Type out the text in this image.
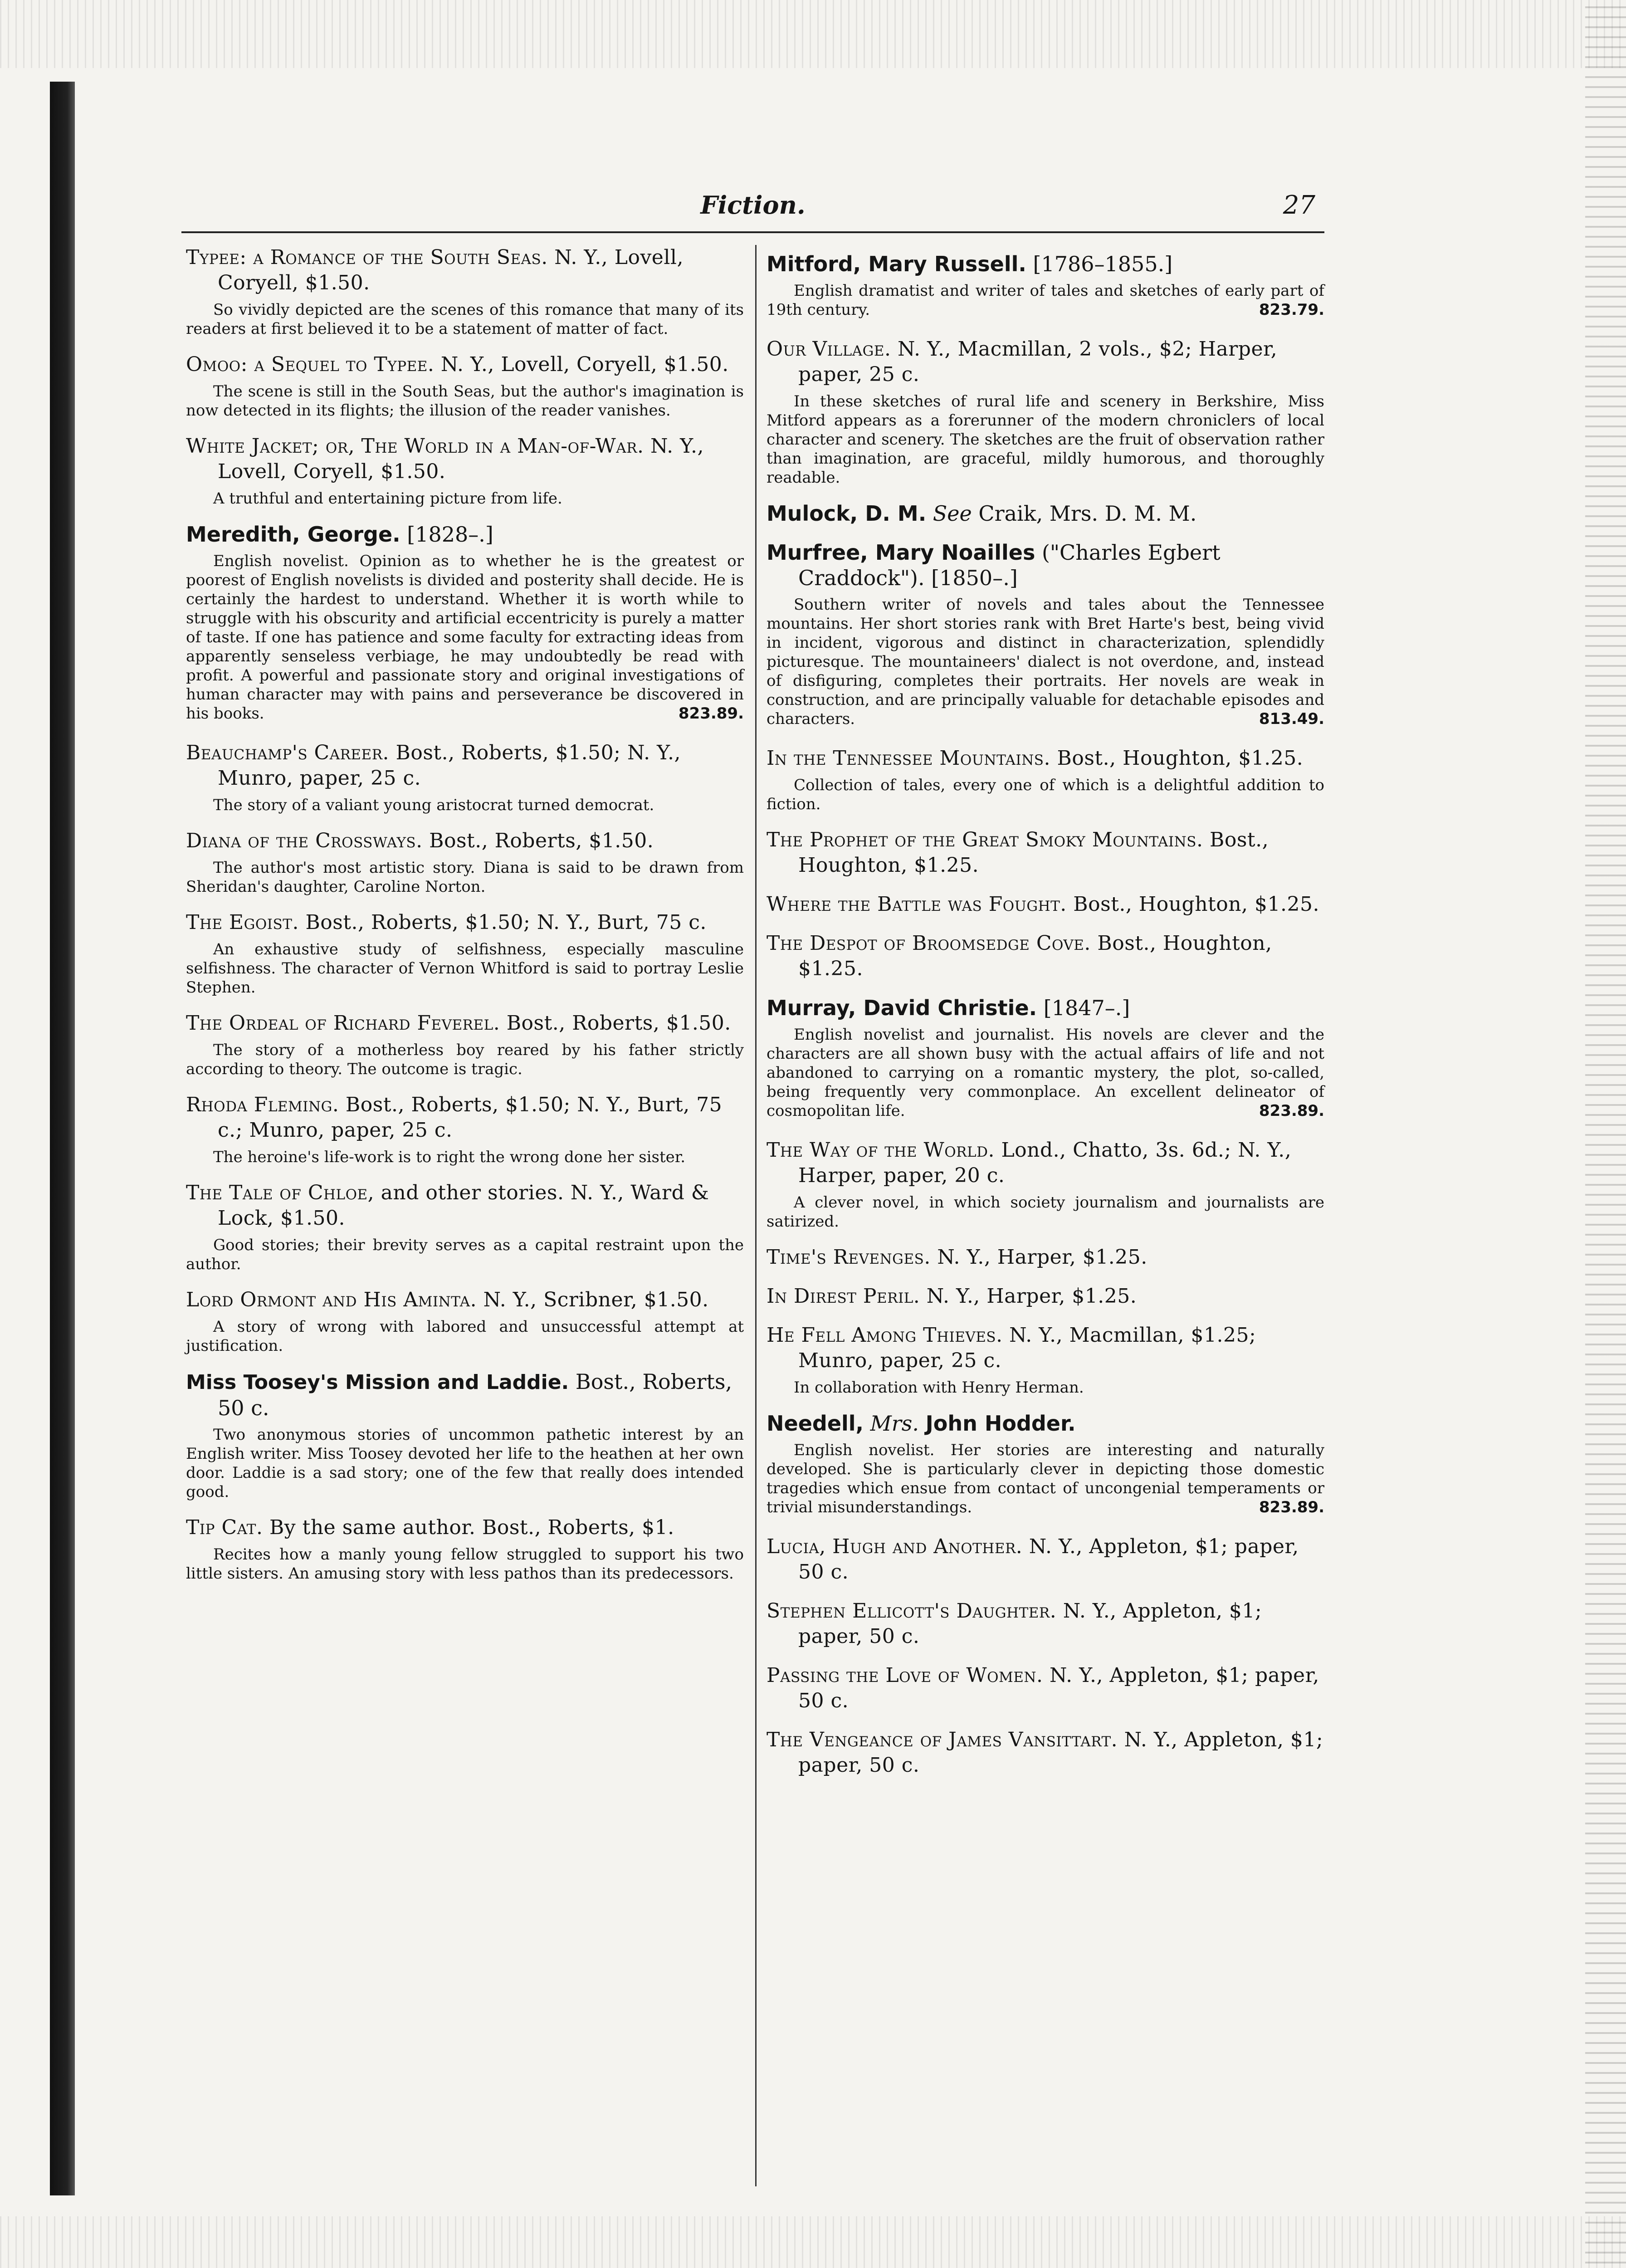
Fiction.	27
Typee: a Romance of the South Seas. N. Y., Lovell, Coryell, $1.50.

So vividly depicted are the scenes of this romance that many of its readers at first believed it to be a statement of matter of fact.

Omoo: a Sequel to Typee. N. Y., Lovell, Coryell, $1.50.

The scene is still in the South Seas, but the author's imagination is now detected in its flights; the illusion of the reader vanishes.

White Jacket; or, The World in a Man-of-War. N. Y., Lovell, Coryell, $1.50.

A truthful and entertaining picture from life.

Meredith, George. [1828–.]

English novelist. Opinion as to whether he is the greatest or poorest of English novelists is divided and posterity shall decide. He is certainly the hardest to understand. Whether it is worth while to struggle with his obscurity and artificial eccentricity is purely a matter of taste. If one has patience and some faculty for extracting ideas from apparently senseless verbiage, he may undoubtedly be read with profit. A powerful and passionate story and original investigations of human character may with pains and perseverance be discovered in his books.	823.89.

Beauchamp's Career. Bost., Roberts, $1.50; N. Y., Munro, paper, 25 c.

The story of a valiant young aristocrat turned democrat.

Diana of the Crossways. Bost., Roberts, $1.50.

The author's most artistic story. Diana is said to be drawn from Sheridan's daughter, Caroline Norton.

The Egoist. Bost., Roberts, $1.50; N. Y., Burt, 75 c.

An exhaustive study of selfishness, especially masculine selfishness. The character of Vernon Whitford is said to portray Leslie Stephen.

The Ordeal of Richard Feverel. Bost., Roberts, $1.50.

The story of a motherless boy reared by his father strictly according to theory. The outcome is tragic.

Rhoda Fleming. Bost., Roberts, $1.50; N. Y., Burt, 75 c.; Munro, paper, 25 c.

The heroine's life-work is to right the wrong done her sister.

The Tale of Chloe, and other stories. N. Y., Ward & Lock, $1.50.

Good stories; their brevity serves as a capital restraint upon the author.

Lord Ormont and His Aminta. N. Y., Scribner, $1.50.

A story of wrong with labored and unsuccessful attempt at justification.

Miss Toosey's Mission and Laddie. Bost., Roberts, 50 c.

Two anonymous stories of uncommon pathetic interest by an English writer. Miss Toosey devoted her life to the heathen at her own door. Laddie is a sad story; one of the few that really does intended good.

Tip Cat. By the same author. Bost., Roberts, $1.

Recites how a manly young fellow struggled to support his two little sisters. An amusing story with less pathos than its predecessors.

Mitford, Mary Russell. [1786–1855.]

English dramatist and writer of tales and sketches of early part of 19th century.	823.79.

Our Village. N. Y., Macmillan, 2 vols., $2; Harper, paper, 25 c.

In these sketches of rural life and scenery in Berkshire, Miss Mitford appears as a forerunner of the modern chroniclers of local character and scenery. The sketches are the fruit of observation rather than imagination, are graceful, mildly humorous, and thoroughly readable.

Mulock, D. M. See Craik, Mrs. D. M. M.
Murfree, Mary Noailles ("Charles Egbert Craddock"). [1850–.]

Southern writer of novels and tales about the Tennessee mountains. Her short stories rank with Bret Harte's best, being vivid in incident, vigorous and distinct in characterization, splendidly picturesque. The mountaineers' dialect is not overdone, and, instead of disfiguring, completes their portraits. Her novels are weak in construction, and are principally valuable for detachable episodes and characters.	813.49.

In the Tennessee Mountains. Bost., Houghton, $1.25.

Collection of tales, every one of which is a delightful addition to fiction.

The Prophet of the Great Smoky Mountains. Bost., Houghton, $1.25.
Where the Battle was Fought. Bost., Houghton, $1.25.
The Despot of Broomsedge Cove. Bost., Houghton, $1.25.
Murray, David Christie. [1847–.]

English novelist and journalist. His novels are clever and the characters are all shown busy with the actual affairs of life and not abandoned to carrying on a romantic mystery, the plot, so-called, being frequently very commonplace. An excellent delineator of cosmopolitan life.	823.89.

The Way of the World. Lond., Chatto, 3s. 6d.; N. Y., Harper, paper, 20 c.

A clever novel, in which society journalism and journalists are satirized.

Time's Revenges. N. Y., Harper, $1.25.
In Direst Peril. N. Y., Harper, $1.25.
He Fell Among Thieves. N. Y., Macmillan, $1.25; Munro, paper, 25 c.

In collaboration with Henry Herman.

Needell, Mrs. John Hodder.

English novelist. Her stories are interesting and naturally developed. She is particularly clever in depicting those domestic tragedies which ensue from contact of uncongenial temperaments or trivial misunderstandings.	823.89.

Lucia, Hugh and Another. N. Y., Appleton, $1; paper, 50 c.
Stephen Ellicott's Daughter. N. Y., Appleton, $1; paper, 50 c.
Passing the Love of Women. N. Y., Appleton, $1; paper, 50 c.
The Vengeance of James Vansittart. N. Y., Appleton, $1; paper, 50 c.
